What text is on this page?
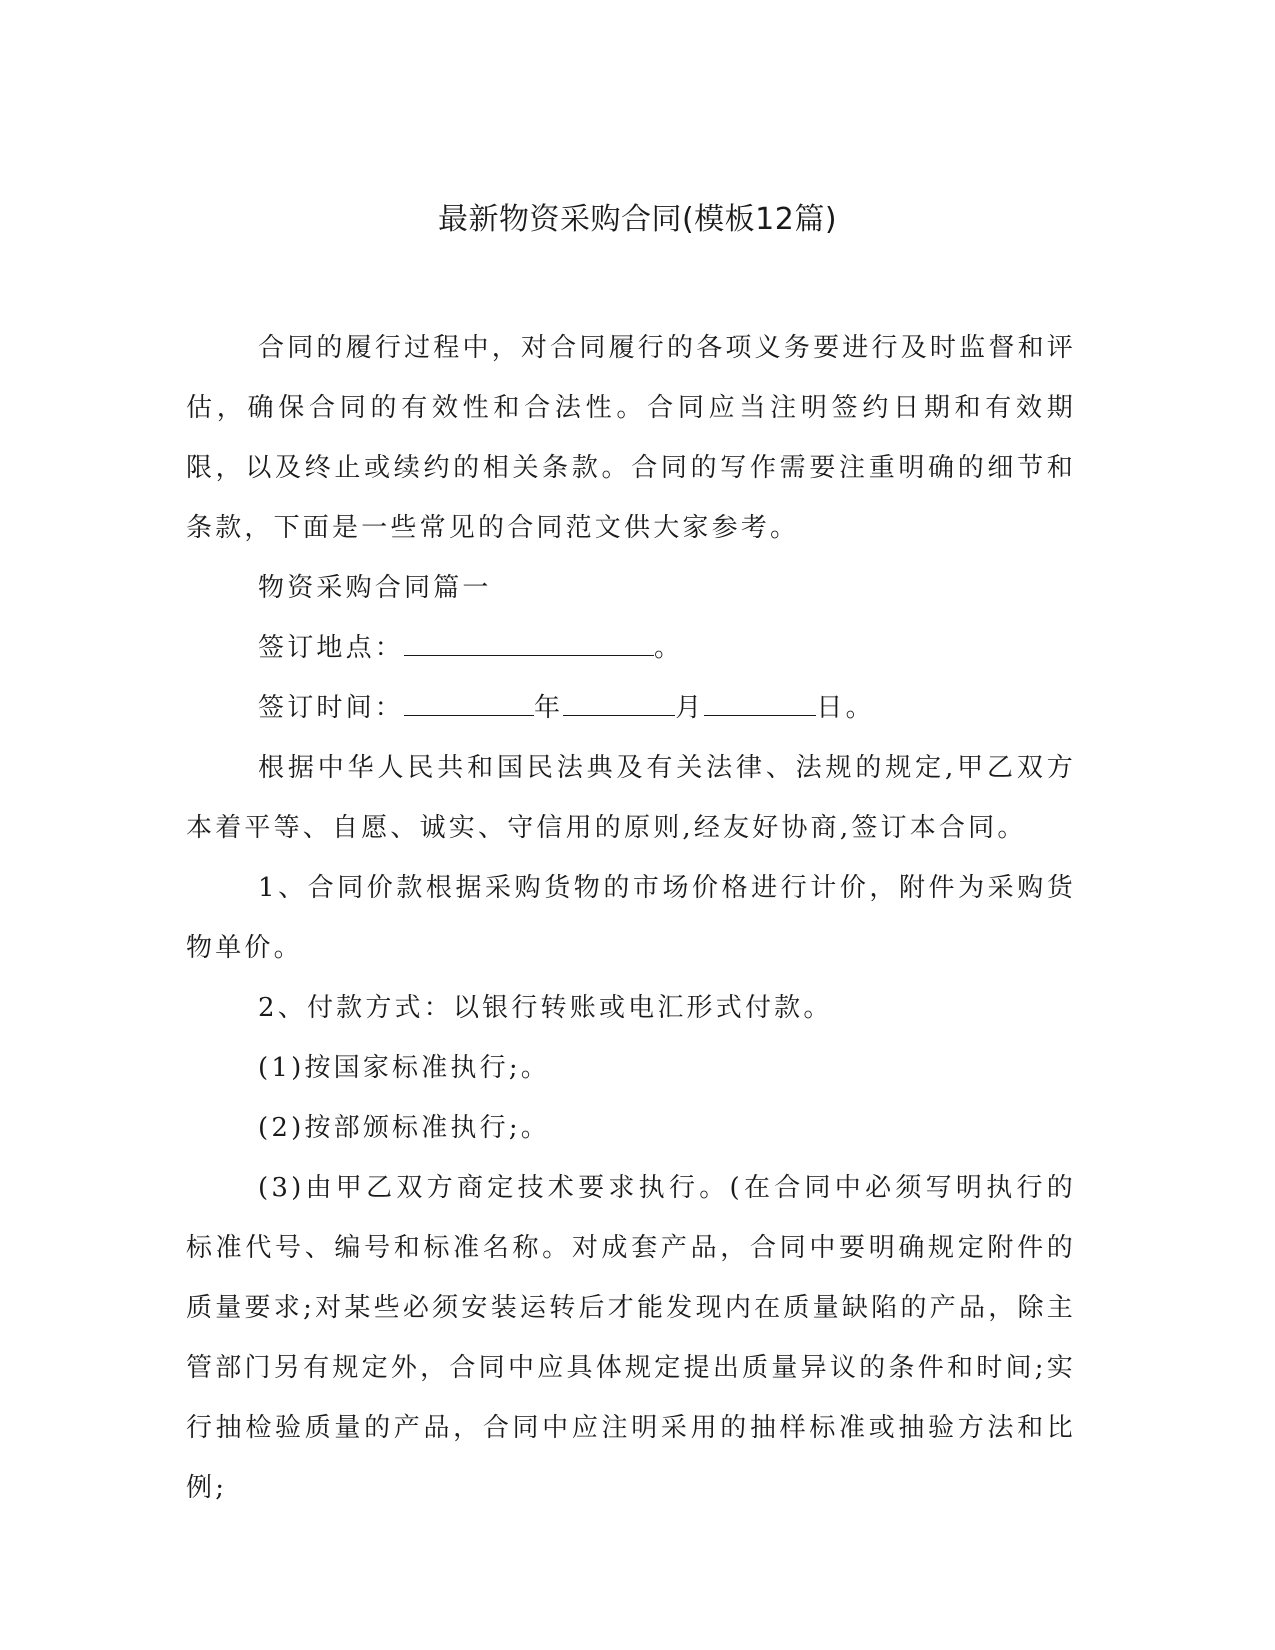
最新物资采购合同(模板12篇)

合同的履行过程中，对合同履行的各项义务要进行及时监督和评估，确保合同的有效性和合法性。合同应当注明签约日期和有效期限，以及终止或续约的相关条款。合同的写作需要注重明确的细节和条款，下面是一些常见的合同范文供大家参考。

物资采购合同篇一

签订地点：	。

签订时间：	年	月	日。

根据中华人民共和国民法典及有关法律、法规的规定,甲乙双方本着平等、自愿、诚实、守信用的原则,经友好协商,签订本合同。

1、合同价款根据采购货物的市场价格进行计价，附件为采购货物单价。

2、付款方式：以银行转账或电汇形式付款。

(1)按国家标准执行;。

(2)按部颁标准执行;。

(3)由甲乙双方商定技术要求执行。(在合同中必须写明执行的标准代号、编号和标准名称。对成套产品，合同中要明确规定附件的质量要求;对某些必须安装运转后才能发现内在质量缺陷的产品，除主管部门另有规定外，合同中应具体规定提出质量异议的条件和时间;实行抽检验质量的产品，合同中应注明采用的抽样标准或抽验方法和比例;
